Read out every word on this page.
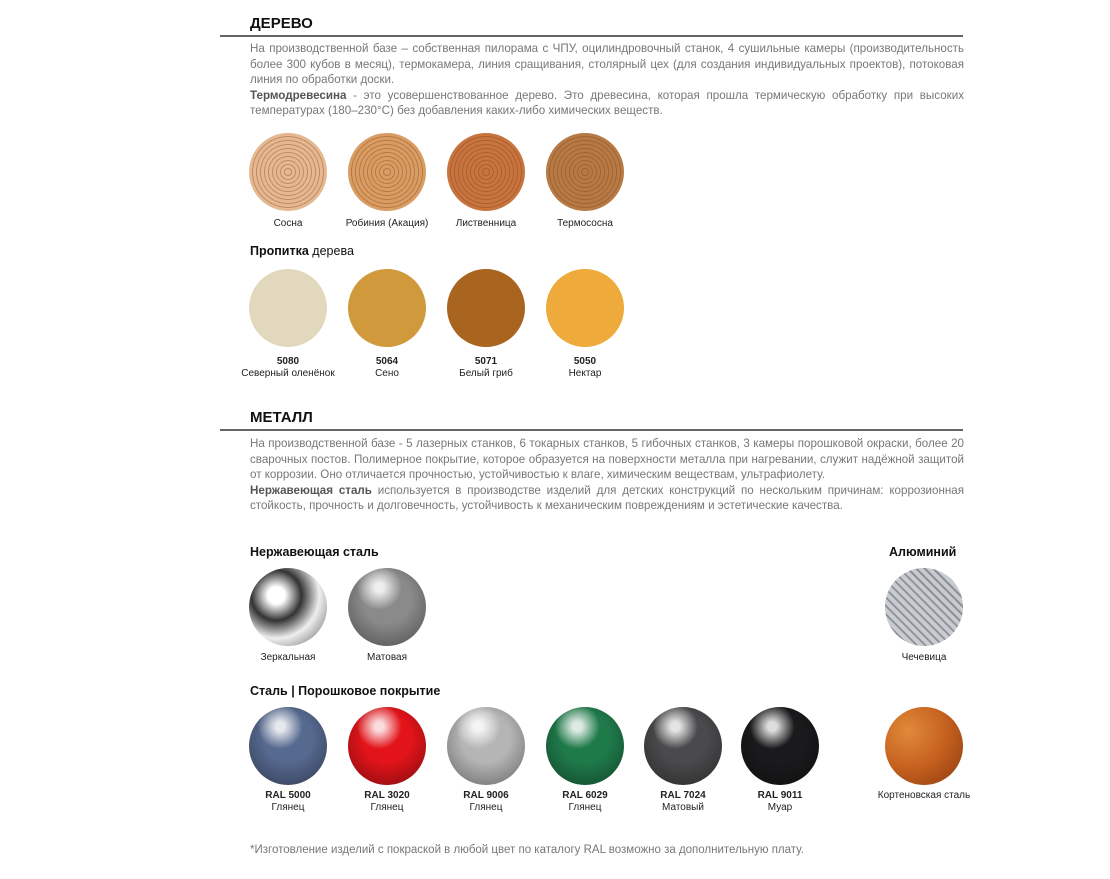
ДЕРЕВО
На производственной базе – собственная пилорама с ЧПУ, оцилиндровочный станок, 4 сушильные камеры (производительность более 300 кубов в месяц), термокамера, линия сращивания, столярный цех (для создания индивидуальных проектов), потоковая линия по обработки доски.
Термодревесина - это усовершенствованное дерево. Это древесина, которая прошла термическую обработку при высоких температурах (180–230°C) без добавления каких-либо химических веществ.
Пропитка дерева
МЕТАЛЛ
На производственной базе - 5 лазерных станков, 6 токарных станков, 5 гибочных станков, 3 камеры порошковой окраски, более 20 сварочных постов. Полимерное покрытие, которое образуется на поверхности металла при нагревании, служит надёжной защитой от коррозии. Оно отличается прочностью, устойчивостью к влаге, химическим веществам, ультрафиолету.
Нержавеющая сталь используется в производстве изделий для детских конструкций по нескольким причинам: коррозионная стойкость, прочность и долговечность, устойчивость к механическим повреждениям и эстетические качества.
Нержавеющая сталь	Алюминий
Сталь | Порошковое покрытие
*Изготовление изделий с покраской в любой цвет по каталогу RAL возможно за дополнительную плату.
Сосна	Робиния (Акация)	Лиственница	Термососна
5080
Северный оленёнок
5064
Сено
5071
Белый гриб
5050
Нектар
Зеркальная	Матовая	Чечевица
RAL 5000
Глянец
RAL 3020
Глянец
RAL 9006
Глянец
RAL 6029
Глянец
RAL 7024
Матовый
RAL 9011
Муар
Кортеновская сталь
